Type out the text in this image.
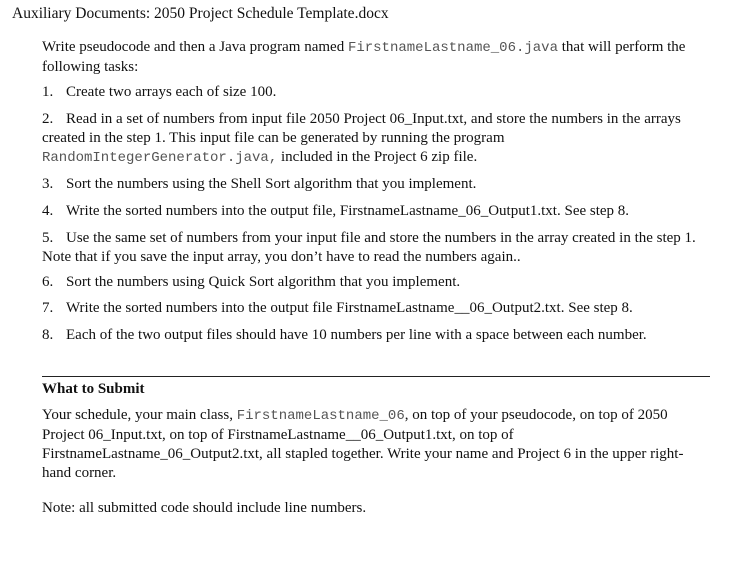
Auxiliary Documents: 2050 Project Schedule Template.docx
Write pseudocode and then a Java program named FirstnameLastname_06.java that will perform the following tasks:
1. Create two arrays each of size 100.
2. Read in a set of numbers from input file 2050 Project 06_Input.txt, and store the numbers in the arrays created in the step 1. This input file can be generated by running the program RandomIntegerGenerator.java, included in the Project 6 zip file.
3. Sort the numbers using the Shell Sort algorithm that you implement.
4. Write the sorted numbers into the output file, FirstnameLastname_06_Output1.txt. See step 8.
5. Use the same set of numbers from your input file and store the numbers in the array created in the step 1. Note that if you save the input array, you don’t have to read the numbers again..
6. Sort the numbers using Quick Sort algorithm that you implement.
7. Write the sorted numbers into the output file FirstnameLastname__06_Output2.txt. See step 8.
8. Each of the two output files should have 10 numbers per line with a space between each number.
What to Submit
Your schedule, your main class, FirstnameLastname_06, on top of your pseudocode, on top of 2050 Project 06_Input.txt, on top of FirstnameLastname__06_Output1.txt, on top of FirstnameLastname_06_Output2.txt, all stapled together. Write your name and Project 6 in the upper right-hand corner.
Note: all submitted code should include line numbers.
